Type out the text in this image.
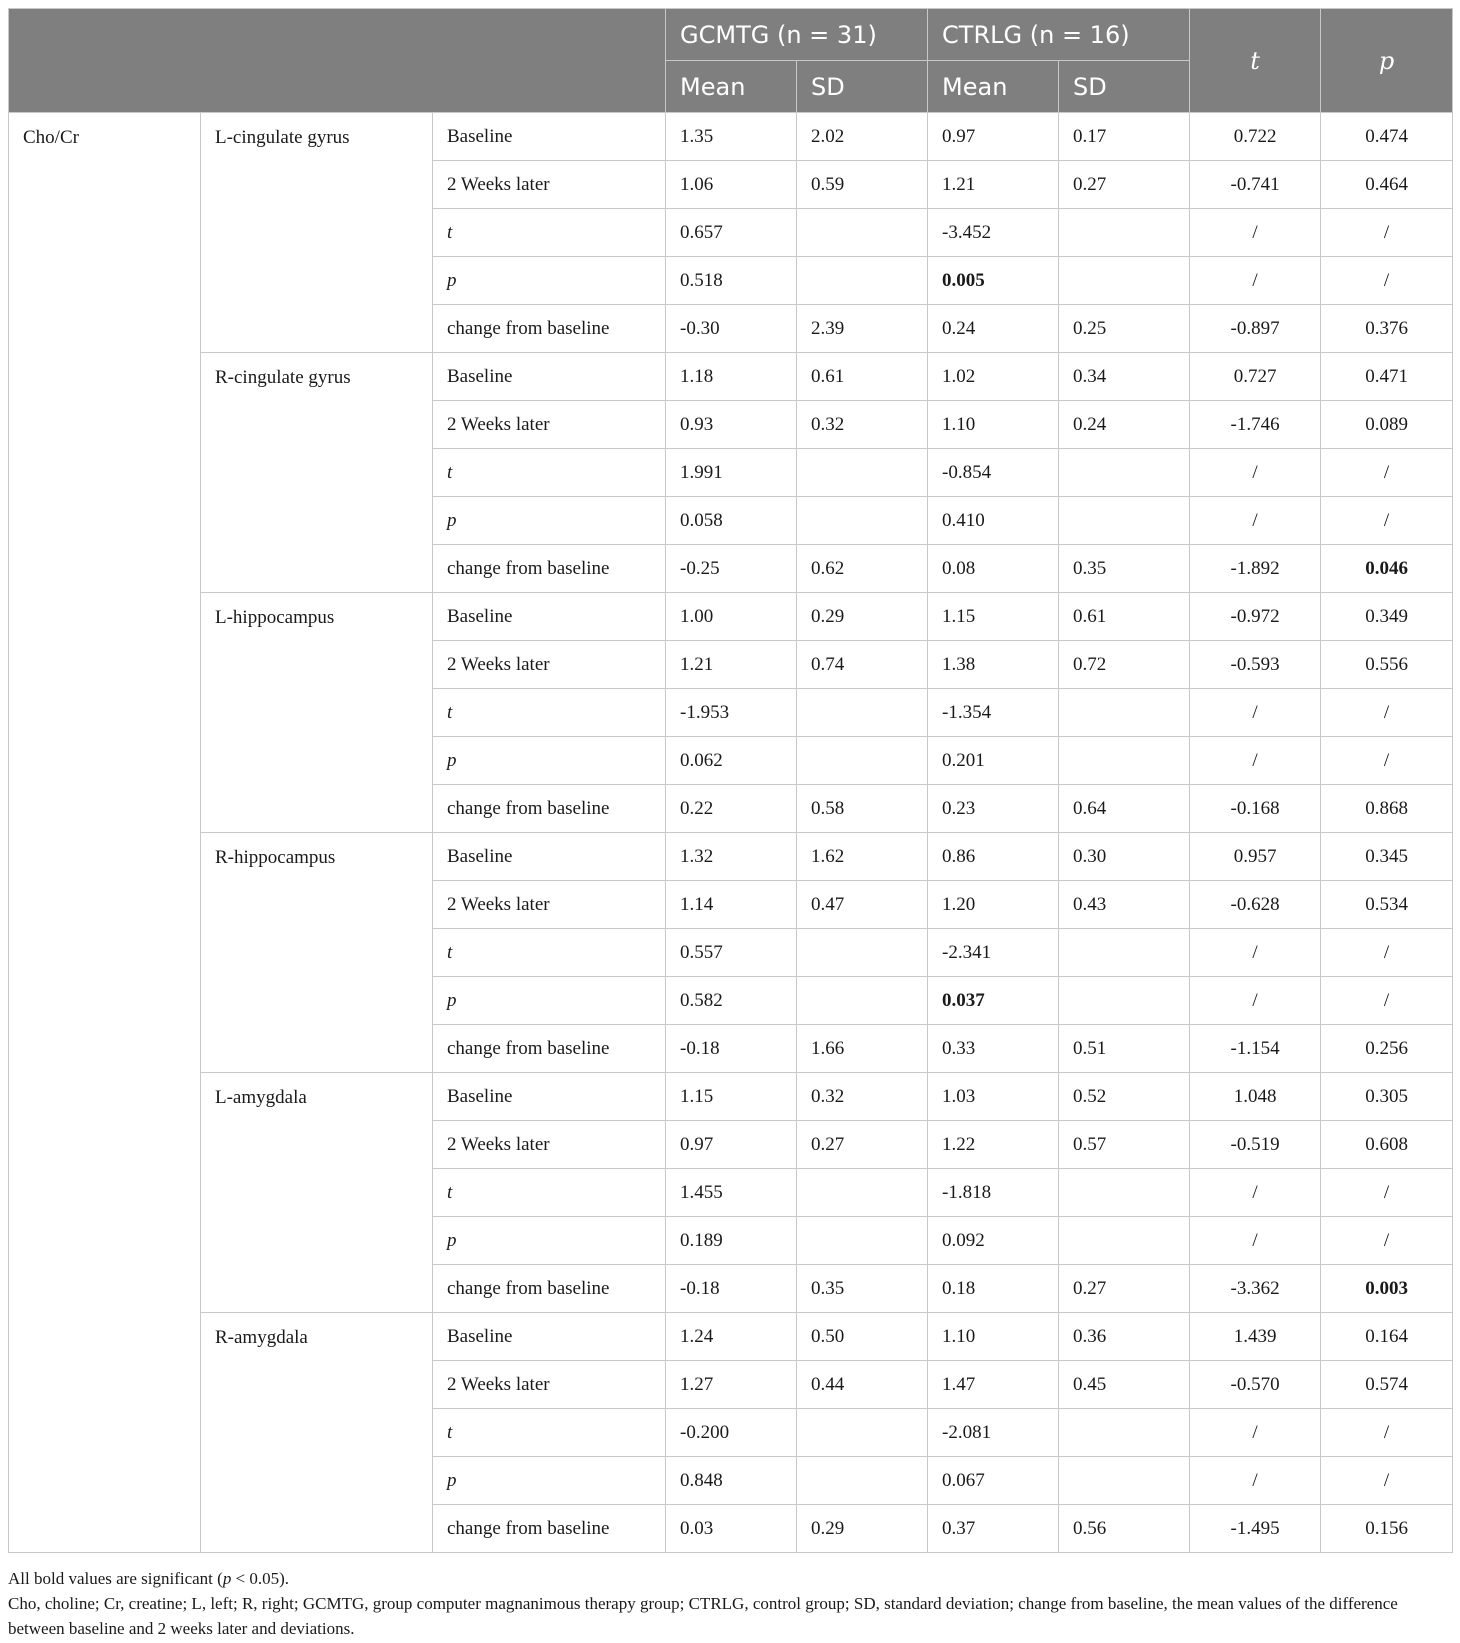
			GCMTG (n = 31)		CTRLG (n = 16)		t	p
			Mean	SD	Mean	SD		
Cho/Cr	L-cingulate gyrus	Baseline	1.35	2.02	0.97	0.17	0.722	0.474
		2 Weeks later	1.06	0.59	1.21	0.27	-0.741	0.464
		t	0.657		-3.452		/	/
		p	0.518		0.005		/	/
		change from baseline	-0.30	2.39	0.24	0.25	-0.897	0.376
	R-cingulate gyrus	Baseline	1.18	0.61	1.02	0.34	0.727	0.471
		2 Weeks later	0.93	0.32	1.10	0.24	-1.746	0.089
		t	1.991		-0.854		/	/
		p	0.058		0.410		/	/
		change from baseline	-0.25	0.62	0.08	0.35	-1.892	0.046
	L-hippocampus	Baseline	1.00	0.29	1.15	0.61	-0.972	0.349
		2 Weeks later	1.21	0.74	1.38	0.72	-0.593	0.556
		t	-1.953		-1.354		/	/
		p	0.062		0.201		/	/
		change from baseline	0.22	0.58	0.23	0.64	-0.168	0.868
	R-hippocampus	Baseline	1.32	1.62	0.86	0.30	0.957	0.345
		2 Weeks later	1.14	0.47	1.20	0.43	-0.628	0.534
		t	0.557		-2.341		/	/
		p	0.582		0.037		/	/
		change from baseline	-0.18	1.66	0.33	0.51	-1.154	0.256
	L-amygdala	Baseline	1.15	0.32	1.03	0.52	1.048	0.305
		2 Weeks later	0.97	0.27	1.22	0.57	-0.519	0.608
		t	1.455		-1.818		/	/
		p	0.189		0.092		/	/
		change from baseline	-0.18	0.35	0.18	0.27	-3.362	0.003
	R-amygdala	Baseline	1.24	0.50	1.10	0.36	1.439	0.164
		2 Weeks later	1.27	0.44	1.47	0.45	-0.570	0.574
		t	-0.200		-2.081		/	/
		p	0.848		0.067		/	/
		change from baseline	0.03	0.29	0.37	0.56	-1.495	0.156

All bold values are significant (p < 0.05).

Cho, choline; Cr, creatine; L, left; R, right; GCMTG, group computer magnanimous therapy group; CTRLG, control group; SD, standard deviation; change from baseline, the mean values of the difference between baseline and 2 weeks later and deviations.
